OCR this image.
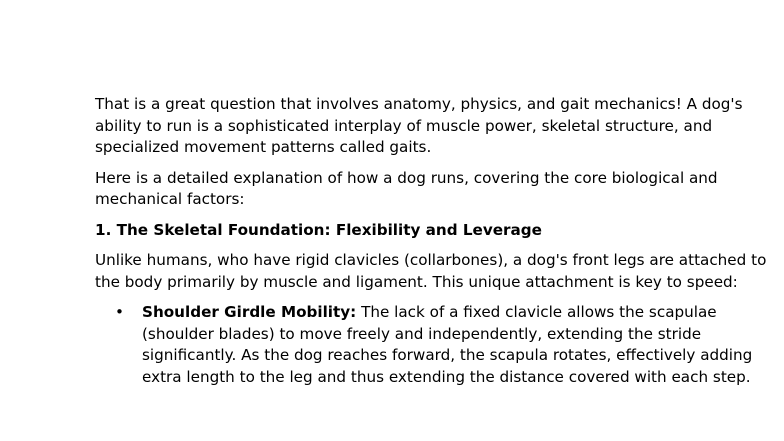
That is a great question that involves anatomy, physics, and gait mechanics! A dog's ability to run is a sophisticated interplay of muscle power, skeletal structure, and specialized movement patterns called gaits.

Here is a detailed explanation of how a dog runs, covering the core biological and mechanical factors:

1. The Skeletal Foundation: Flexibility and Leverage

Unlike humans, who have rigid clavicles (collarbones), a dog's front legs are attached to the body primarily by muscle and ligament. This unique attachment is key to speed:

• Shoulder Girdle Mobility: The lack of a fixed clavicle allows the scapulae (shoulder blades) to move freely and independently, extending the stride significantly. As the dog reaches forward, the scapula rotates, effectively adding extra length to the leg and thus extending the distance covered with each step.
